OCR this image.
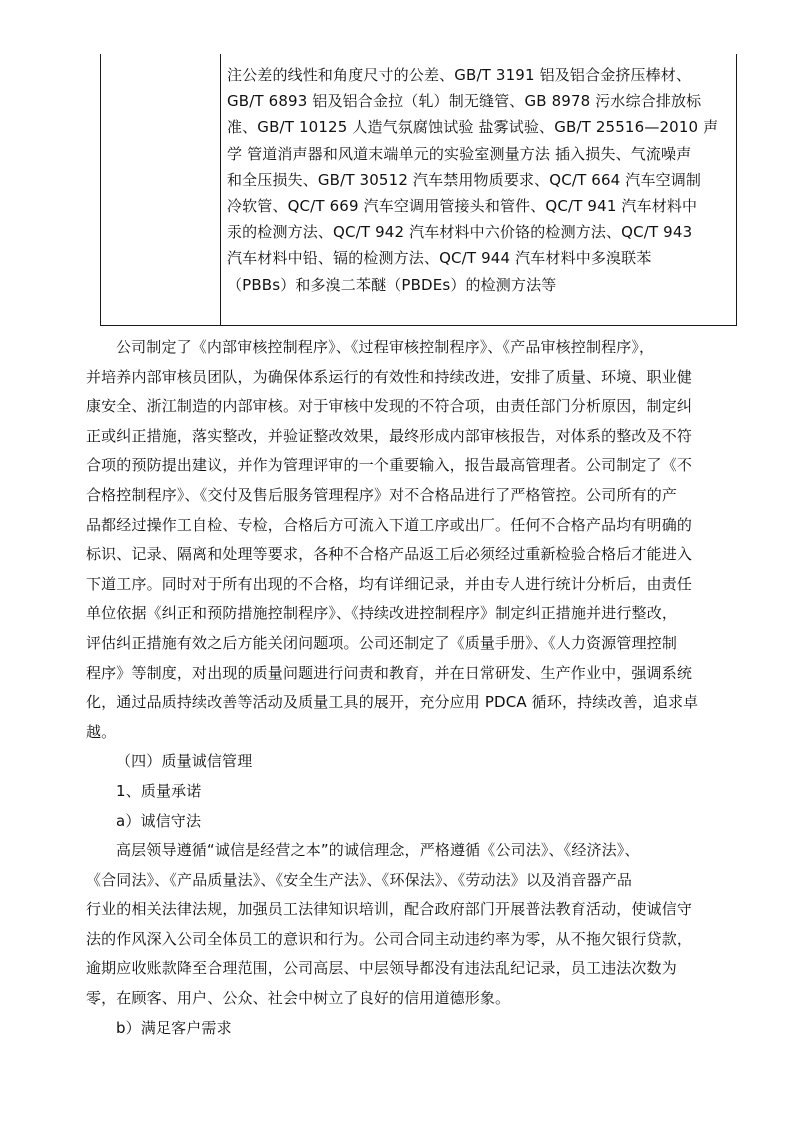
注公差的线性和角度尺寸的公差、GB/T 3191 铝及铝合金挤压棒材、
GB/T 6893 铝及铝合金拉（轧）制无缝管、GB 8978 污水综合排放标
准、GB/T 10125 人造气氛腐蚀试验 盐雾试验、GB/T 25516—2010 声
学 管道消声器和风道末端单元的实验室测量方法 插入损失、气流噪声
和全压损失、GB/T 30512 汽车禁用物质要求、QC/T 664 汽车空调制
冷软管、QC/T 669 汽车空调用管接头和管件、QC/T 941 汽车材料中
汞的检测方法、QC/T 942 汽车材料中六价铬的检测方法、QC/T 943
汽车材料中铅、镉的检测方法、QC/T 944 汽车材料中多溴联苯
（PBBs）和多溴二苯醚（PBDEs）的检测方法等
公司制定了《内部审核控制程序》、《过程审核控制程序》、《产品审核控制程序》，
并培养内部审核员团队，为确保体系运行的有效性和持续改进，安排了质量、环境、职业健
康安全、浙江制造的内部审核。对于审核中发现的不符合项，由责任部门分析原因，制定纠
正或纠正措施，落实整改，并验证整改效果，最终形成内部审核报告，对体系的整改及不符
合项的预防提出建议，并作为管理评审的一个重要输入，报告最高管理者。公司制定了《不
合格控制程序》、《交付及售后服务管理程序》对不合格品进行了严格管控。公司所有的产
品都经过操作工自检、专检，合格后方可流入下道工序或出厂。任何不合格产品均有明确的
标识、记录、隔离和处理等要求，各种不合格产品返工后必须经过重新检验合格后才能进入
下道工序。同时对于所有出现的不合格，均有详细记录，并由专人进行统计分析后，由责任
单位依据《纠正和预防措施控制程序》、《持续改进控制程序》制定纠正措施并进行整改，
评估纠正措施有效之后方能关闭问题项。公司还制定了《质量手册》、《人力资源管理控制
程序》等制度，对出现的质量问题进行问责和教育，并在日常研发、生产作业中，强调系统
化，通过品质持续改善等活动及质量工具的展开，充分应用 PDCA 循环，持续改善，追求卓
越。
（四）质量诚信管理
1、质量承诺
a）诚信守法
高层领导遵循“诚信是经营之本”的诚信理念，严格遵循《公司法》、《经济法》、
《合同法》、《产品质量法》、《安全生产法》、《环保法》、《劳动法》以及消音器产品
行业的相关法律法规，加强员工法律知识培训，配合政府部门开展普法教育活动，使诚信守
法的作风深入公司全体员工的意识和行为。公司合同主动违约率为零，从不拖欠银行贷款，
逾期应收账款降至合理范围，公司高层、中层领导都没有违法乱纪记录，员工违法次数为
零，在顾客、用户、公众、社会中树立了良好的信用道德形象。
b）满足客户需求
